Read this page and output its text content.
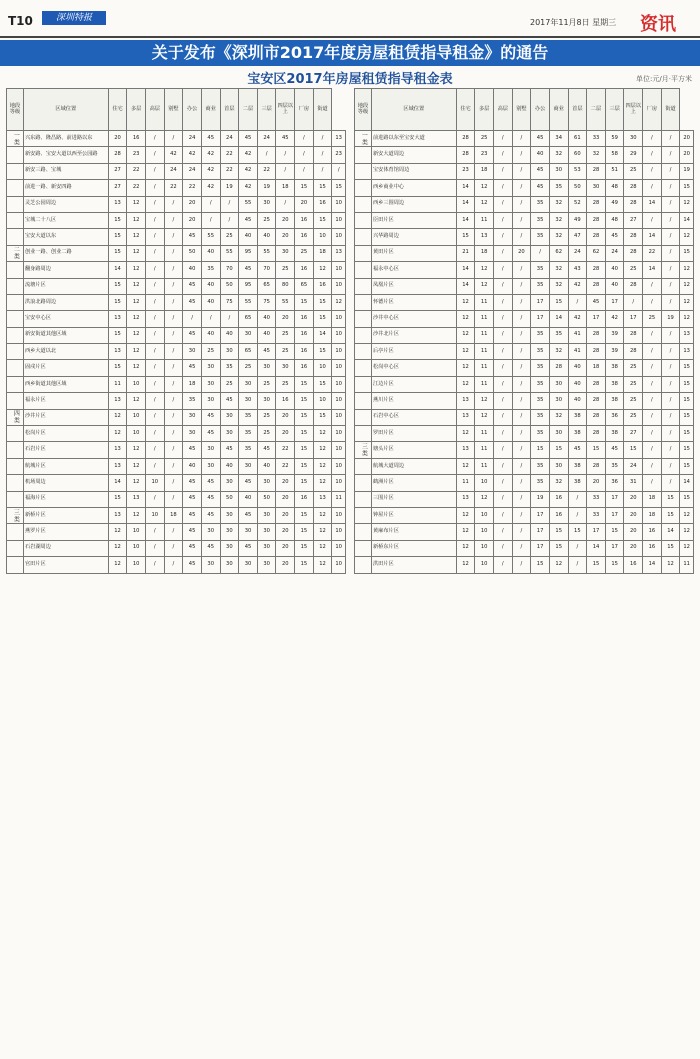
T10	深圳特报	2017年11月8日 星期三 资讯
关于发布《深圳市2017年度房屋租赁指导租金》的通告
宝安区2017年房屋租赁指导租金表	单位:元/月·平方米
地段等级	区域位置	住宅	多层	高层	别墅	办公	商业	首层	二层	三层	四层以上	厂房	街道	
一类	兴东路、隆昌路、前进路以东	20	16	/	/	24	45	24	45	24	45	/	/	13
	新安路、宝安大道以西至公园路	28	23	/	42	42	42	22	42	/	/	/	/	23
	新安三路、宝城	27	22	/	24	24	42	22	42	22	/	/	/	/
	前进一路、新安四路	27	22	/	22	22	42	19	42	19	18	15	15	15
	灵芝公园周边	13	12	/	/	20	/	/	55	30	/	20	16	10
	宝城二十八区	15	12	/	/	20	/	/	45	25	20	16	15	10
	宝安大道以东	15	12	/	/	45	55	25	40	40	20	16	10	10
二类	创业一路、创业二路	15	12	/	/	50	40	55	95	55	30	25	18	13
	翻身路周边	14	12	/	/	40	35	70	45	70	25	16	12	10
	流塘片区	15	12	/	/	45	40	50	95	65	80	65	16	10
	洪浪北路周边	15	12	/	/	45	40	75	55	75	55	15	15	12
	宝安中心区	13	12	/	/	/	/	/	65	40	20	16	15	10
	新安街道其他区域	15	12	/	/	45	40	40	30	40	25	16	14	10
	西乡大道以北	13	12	/	/	30	25	30	65	45	25	16	15	10
	固戍片区	15	12	/	/	45	30	35	25	30	30	16	10	10
	西乡街道其他区域	11	10	/	/	18	30	25	30	25	25	15	15	10
	福永片区	13	12	/	/	35	30	45	30	30	16	15	10	10
四类	沙井片区	12	10	/	/	30	45	30	35	25	20	15	15	10
	松岗片区	12	10	/	/	30	45	30	35	25	20	15	12	10
	石岩片区	13	12	/	/	45	30	45	35	45	22	15	12	10
	航城片区	13	12	/	/	40	30	40	30	40	22	15	12	10
	机场周边	14	12	10	/	45	45	30	45	30	20	15	12	10
	福海片区	15	13	/	/	45	45	50	40	50	20	16	13	11
三类	新桥片区	13	12	10	18	45	45	30	45	30	20	15	12	10
	燕罗片区	12	10	/	/	45	30	30	30	30	20	15	12	10
	石岩湖周边	12	10	/	/	45	45	30	45	30	20	15	12	10
	官田片区	12	10	/	/	45	30	30	30	30	20	15	12	10
地段等级	区域位置	住宅	多层	高层	别墅	办公	商业	首层	二层	三层	四层以上	厂房	街道	
一类	前进路以东至宝安大道	28	25	/	/	45	34	61	33	59	30	/	/	20
	新安大道周边	28	23	/	/	40	32	60	32	58	29	/	/	20
	宝安体育馆周边	23	18	/	/	45	30	53	28	51	25	/	/	19
	西乡商业中心	14	12	/	/	45	35	50	30	48	28	/	/	15
	西乡三围周边	14	12	/	/	35	32	52	28	49	28	14	/	12
	臣田片区	14	11	/	/	35	32	49	28	48	27	/	/	14
	兴华路周边	15	13	/	/	35	32	47	28	45	28	14	/	12
	黄田片区	21	18	/	20	/	62	24	62	24	28	22	/	15
	福永中心区	14	12	/	/	35	32	43	28	40	25	14	/	12
	凤凰片区	14	12	/	/	35	32	42	28	40	28	/	/	12
	怀德片区	12	11	/	/	17	15	/	45	17	/	/	/	12
	沙井中心区	12	11	/	/	17	14	42	17	42	17	25	19	12
	沙井北片区	12	11	/	/	35	35	41	28	39	28	/	/	13
	后亭片区	12	11	/	/	35	32	41	28	39	28	/	/	13
	松岗中心区	12	11	/	/	35	28	40	18	38	25	/	/	15
	江边片区	12	11	/	/	35	30	40	28	38	25	/	/	15
	燕川片区	13	12	/	/	35	30	40	28	38	25	/	/	15
	石岩中心区	13	12	/	/	35	32	38	28	36	25	/	/	15
	罗田片区	12	11	/	/	35	30	38	28	38	27	/	/	15
三类	塘头片区	13	11	/	/	15	15	45	15	45	15	/	/	15
	航城大道周边	12	11	/	/	35	30	38	28	35	24	/	/	15
	鹤洲片区	11	10	/	/	35	32	38	20	36	31	/	/	14
	三围片区	13	12	/	/	19	16	/	33	17	20	18	15	15
	钟屋片区	12	10	/	/	17	16	/	33	17	20	18	15	12
	黄麻布片区	12	10	/	/	17	15	15	17	15	20	16	14	12
	新桥东片区	12	10	/	/	17	15	/	14	17	20	16	15	12
	洪田片区	12	10	/	/	15	12	/	15	15	16	14	12	11
